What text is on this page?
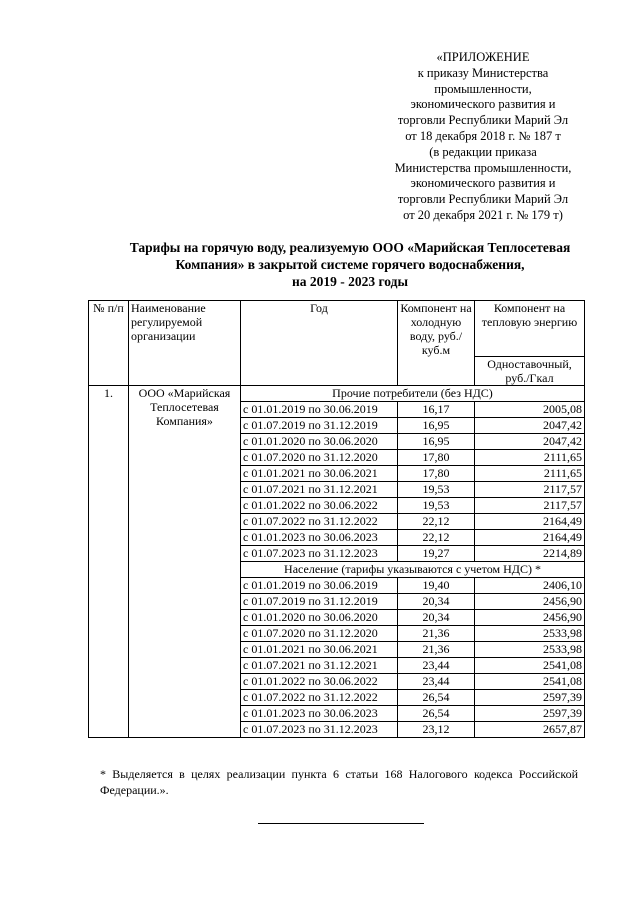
«ПРИЛОЖЕНИЕ
к приказу Министерства
промышленности,
экономического развития и
торговли Республики Марий Эл
от 18 декабря 2018 г. № 187 т
(в редакции приказа
Министерства промышленности,
экономического развития и
торговли Республики Марий Эл
от 20 декабря 2021 г. № 179 т)
Тарифы на горячую воду, реализуемую ООО «Марийская Теплосетевая
Компания» в закрытой системе горячего водоснабжения,
на 2019 - 2023 годы
№ п/п	Наименование регулируемой организации	Год	Компонент на холодную воду, руб./куб.м	Компонент на тепловую энергию
				Одноставочный, руб./Гкал
1.	ООО «Марийская Теплосетевая Компания»	Прочие потребители (без НДС)		
		с 01.01.2019 по 30.06.2019	16,17	2005,08
		с 01.07.2019 по 31.12.2019	16,95	2047,42
		с 01.01.2020 по 30.06.2020	16,95	2047,42
		с 01.07.2020 по 31.12.2020	17,80	2111,65
		с 01.01.2021 по 30.06.2021	17,80	2111,65
		с 01.07.2021 по 31.12.2021	19,53	2117,57
		с 01.01.2022 по 30.06.2022	19,53	2117,57
		с 01.07.2022 по 31.12.2022	22,12	2164,49
		с 01.01.2023 по 30.06.2023	22,12	2164,49
		с 01.07.2023 по 31.12.2023	19,27	2214,89
		Население (тарифы указываются с учетом НДС) *		
		с 01.01.2019 по 30.06.2019	19,40	2406,10
		с 01.07.2019 по 31.12.2019	20,34	2456,90
		с 01.01.2020 по 30.06.2020	20,34	2456,90
		с 01.07.2020 по 31.12.2020	21,36	2533,98
		с 01.01.2021 по 30.06.2021	21,36	2533,98
		с 01.07.2021 по 31.12.2021	23,44	2541,08
		с 01.01.2022 по 30.06.2022	23,44	2541,08
		с 01.07.2022 по 31.12.2022	26,54	2597,39
		с 01.01.2023 по 30.06.2023	26,54	2597,39
		с 01.07.2023 по 31.12.2023	23,12	2657,87
* Выделяется в целях реализации пункта 6 статьи 168 Налогового кодекса Российской
Федерации.».
